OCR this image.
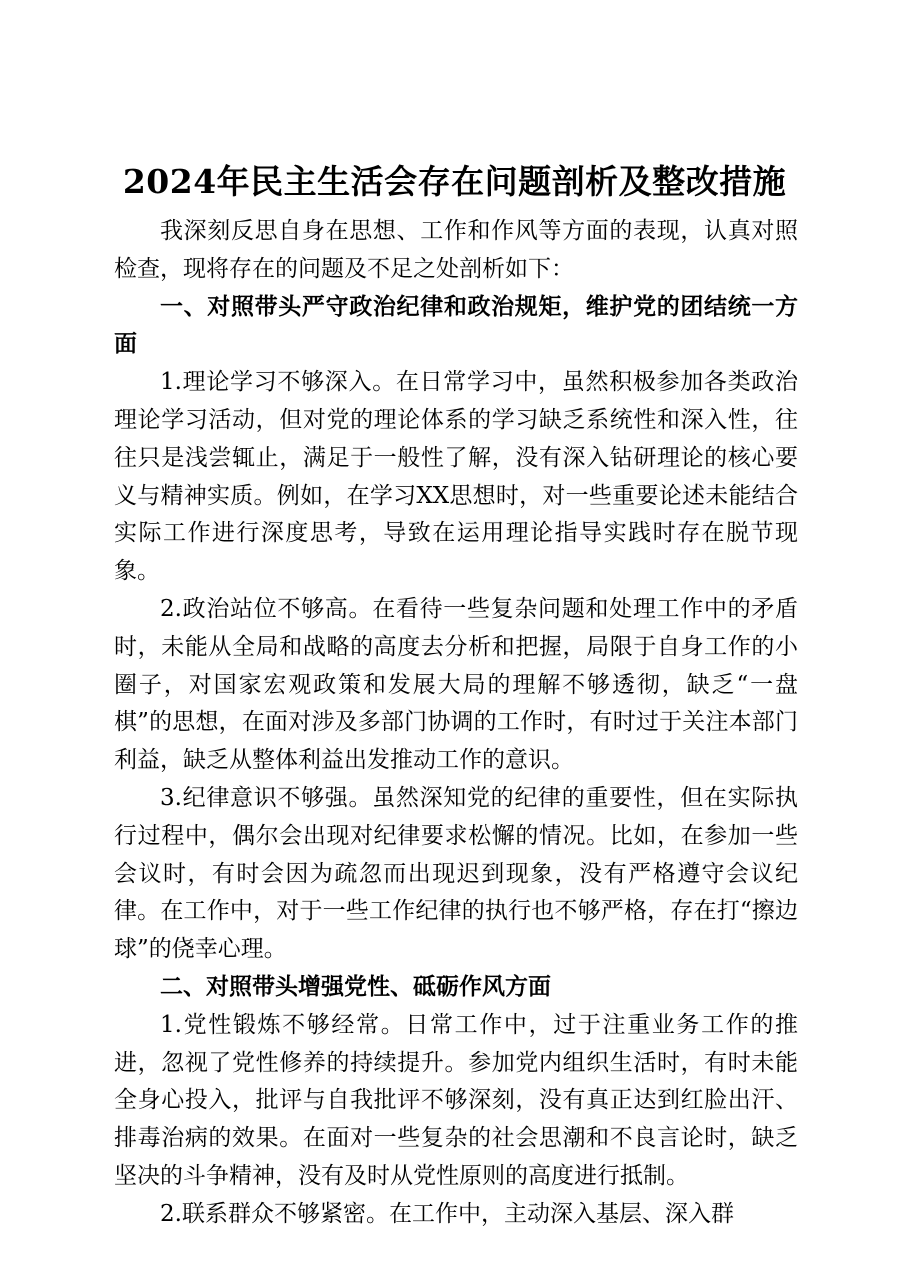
2024年民主生活会存在问题剖析及整改措施

我深刻反思自身在思想、工作和作风等方面的表现，认真对照检查，现将存在的问题及不足之处剖析如下：

一、对照带头严守政治纪律和政治规矩，维护党的团结统一方面

1.理论学习不够深入。在日常学习中，虽然积极参加各类政治理论学习活动，但对党的理论体系的学习缺乏系统性和深入性，往往只是浅尝辄止，满足于一般性了解，没有深入钻研理论的核心要义与精神实质。例如，在学习XX思想时，对一些重要论述未能结合实际工作进行深度思考，导致在运用理论指导实践时存在脱节现象。

2.政治站位不够高。在看待一些复杂问题和处理工作中的矛盾时，未能从全局和战略的高度去分析和把握，局限于自身工作的小圈子，对国家宏观政策和发展大局的理解不够透彻，缺乏“一盘棋”的思想，在面对涉及多部门协调的工作时，有时过于关注本部门利益，缺乏从整体利益出发推动工作的意识。

3.纪律意识不够强。虽然深知党的纪律的重要性，但在实际执行过程中，偶尔会出现对纪律要求松懈的情况。比如，在参加一些会议时，有时会因为疏忽而出现迟到现象，没有严格遵守会议纪律。在工作中，对于一些工作纪律的执行也不够严格，存在打“擦边球”的侥幸心理。

二、对照带头增强党性、砥砺作风方面

1.党性锻炼不够经常。日常工作中，过于注重业务工作的推进，忽视了党性修养的持续提升。参加党内组织生活时，有时未能全身心投入，批评与自我批评不够深刻，没有真正达到红脸出汗、排毒治病的效果。在面对一些复杂的社会思潮和不良言论时，缺乏坚决的斗争精神，没有及时从党性原则的高度进行抵制。

2.联系群众不够紧密。在工作中，主动深入基层、深入群
